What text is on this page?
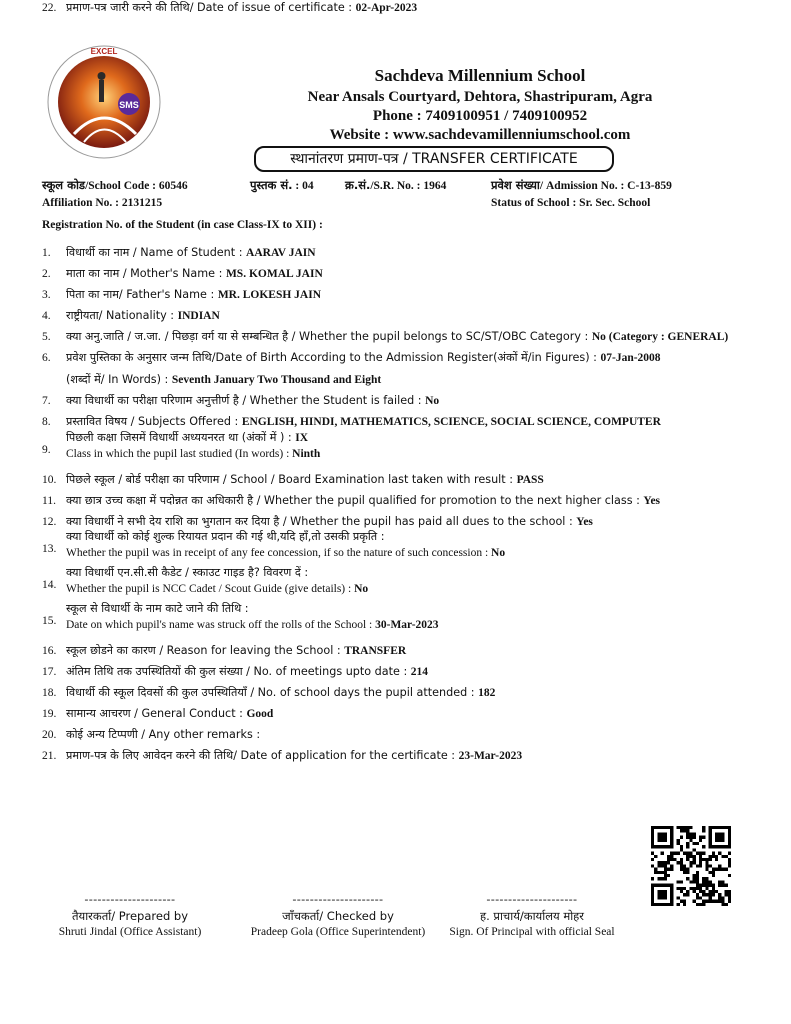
SMS
EXCEL
Sachdeva Millennium School
Near Ansals Courtyard, Dehtora, Shastripuram, Agra
Phone : 7409100951 / 7409100952
Website : www.sachdevamillenniumschool.com
स्थानांतरण प्रमाण-पत्र / TRANSFER CERTIFICATE
स्कूल कोड/School Code : 60546	पुस्तक सं. : 04	क्र.सं./S.R. No. : 1964	प्रवेश संख्या/ Admission No. : C-13-859
Affiliation No. : 2131215	Status of School : Sr. Sec. School
Registration No. of the Student (in case Class-IX to XII) :
1. विधार्थी का नाम / Name of Student : AARAV JAIN
2. माता का नाम / Mother's Name : MS. KOMAL JAIN
3. पिता का नाम/ Father's Name : MR. LOKESH JAIN
4. राष्ट्रीयता/ Nationality : INDIAN
5. क्या अनु.जाति / ज.जा. / पिछड़ा वर्ग या से सम्बन्धित है / Whether the pupil belongs to SC/ST/OBC Category : No (Category : GENERAL)
6. प्रवेश पुस्तिका के अनुसार जन्म तिथि/Date of Birth According to the Admission Register(अंकों में/in Figures) : 07-Jan-2008
(शब्दों में/ In Words) : Seventh January Two Thousand and Eight
7. क्या विधार्थी का परीक्षा परिणाम अनुत्तीर्ण है / Whether the Student is failed : No
8. प्रस्तावित विषय / Subjects Offered : ENGLISH, HINDI, MATHEMATICS, SCIENCE, SOCIAL SCIENCE, COMPUTER
9.
पिछली कक्षा जिसमें विधार्थी अध्ययनरत था (अंकों में ) : IX
Class in which the pupil last studied (In words) : Ninth
10. पिछले स्कूल / बोर्ड परीक्षा का परिणाम / School / Board Examination last taken with result : PASS
11. क्या छात्र उच्च कक्षा में पदोन्नत का अधिकारी है / Whether the pupil qualified for promotion to the next higher class : Yes
12. क्या विधार्थी ने सभी देय राशि का भुगतान कर दिया है / Whether the pupil has paid all dues to the school : Yes
13.
क्या विधार्थी को कोई शुल्क रियायत प्रदान की गई थी,यदि हाँ,तो उसकी प्रकृति :
Whether the pupil was in receipt of any fee concession, if so the nature of such concession : No
14.
क्या विधार्थी एन.सी.सी कैडेट / स्काउट गाइड है? विवरण दें :
Whether the pupil is NCC Cadet / Scout Guide (give details) : No
15.
स्कूल से विधार्थी के नाम काटे जाने की तिथि :
Date on which pupil's name was struck off the rolls of the School : 30-Mar-2023
16. स्कूल छोडने का कारण / Reason for leaving the School : TRANSFER
17. अंतिम तिथि तक उपस्थितियों की कुल संख्या / No. of meetings upto date : 214
18. विधार्थी की स्कूल दिवसों की कुल उपस्थितियाँ / No. of school days the pupil attended : 182
19. सामान्य आचरण / General Conduct : Good
20. कोई अन्य टिप्पणी / Any other remarks :
21. प्रमाण-पत्र के लिए आवेदन करने की तिथि/ Date of application for the certificate : 23-Mar-2023
22. प्रमाण-पत्र जारी करने की तिथि/ Date of issue of certificate : 02-Apr-2023
---------------------
तैयारकर्ता/ Prepared by
Shruti Jindal (Office Assistant)
---------------------
जाँचकर्ता/ Checked by
Pradeep Gola (Office Superintendent)
---------------------
ह. प्राचार्य/कार्यालय मोहर
Sign. Of Principal with official Seal
